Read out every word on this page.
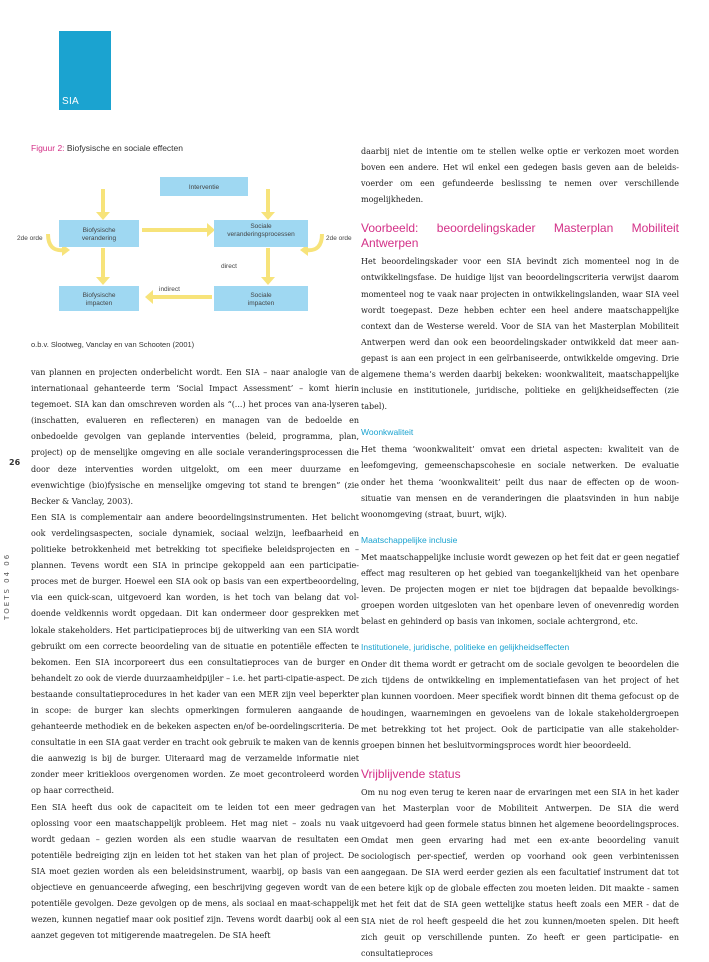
SIA
26
TOETS 04 06
Figuur 2: Biofysische en sociale effecten
Interventie
Biofysische
verandering
Sociale
veranderingsprocessen
Biofysische
impacten
Sociale
impacten
2de orde	2de orde
direct
indirect
o.b.v. Slootweg, Vanclay en van Schooten (2001)

van plannen en projecten onderbelicht wordt. Een SIA – naar analogie van de internationaal gehanteerde term ‘Social Impact Assessment’ – komt hierin tegemoet. SIA kan dan omschreven worden als “(...) het proces van ana-lyseren (inschatten, evalueren en reflecteren) en managen van de bedoelde en onbedoelde gevolgen van geplande interventies (beleid, programma, plan, project) op de menselijke omgeving en alle sociale veranderingsprocessen die door deze interventies worden uitgelokt, om een meer duurzame en evenwichtige (bio)fysische en menselijke omgeving tot stand te brengen” (zie Becker & Vanclay, 2003).

Een SIA is complementair aan andere beoordelingsinstrumenten. Het belicht ook verdelingsaspecten, sociale dynamiek, sociaal welzijn, leefbaarheid en politieke betrokkenheid met betrekking tot specifieke beleidsprojecten en –plannen. Tevens wordt een SIA in principe gekoppeld aan een participatie-proces met de burger. Hoewel een SIA ook op basis van een expertbeoordeling, via een quick-scan, uitgevoerd kan worden, is het toch van belang dat vol-doende veldkennis wordt opgedaan. Dit kan ondermeer door gesprekken met lokale stakeholders. Het participatieproces bij de uitwerking van een SIA wordt gebruikt om een correcte beoordeling van de situatie en potentiële effecten te bekomen. Een SIA incorporeert dus een consultatieproces van de burger en behandelt zo ook de vierde duurzaamheidpijler – i.e. het parti-cipatie-aspect. De bestaande consultatieprocedures in het kader van een MER zijn veel beperkter in scope: de burger kan slechts opmerkingen formuleren aangaande de gehanteerde methodiek en de bekeken aspecten en/of be-oordelingscriteria. De consultatie in een SIA gaat verder en tracht ook gebruik te maken van de kennis die aanwezig is bij de burger. Uiteraard mag de verzamelde informatie niet zonder meer kritiekloos overgenomen worden. Ze moet gecontroleerd worden op haar correctheid.

Een SIA heeft dus ook de capaciteit om te leiden tot een meer gedragen oplossing voor een maatschappelijk probleem. Het mag niet – zoals nu vaak wordt gedaan – gezien worden als een studie waarvan de resultaten een potentiële bedreiging zijn en leiden tot het staken van het plan of project. De SIA moet gezien worden als een beleidsinstrument, waarbij, op basis van een objectieve en genuanceerde afweging, een beschrijving gegeven wordt van de potentiële gevolgen. Deze gevolgen op de mens, als sociaal en maat-schappelijk wezen, kunnen negatief maar ook positief zijn. Tevens wordt daarbij ook al een aanzet gegeven tot mitigerende maatregelen. De SIA heeft

daarbij niet de intentie om te stellen welke optie er verkozen moet worden boven een andere. Het wil enkel een gedegen basis geven aan de beleids-voerder om een gefundeerde beslissing te nemen over verschillende mogelijkheden.

Voorbeeld: beoordelingskader Masterplan Mobiliteit Antwerpen

Het beoordelingskader voor een SIA bevindt zich momenteel nog in de ontwikkelingsfase. De huidige lijst van beoordelingscriteria verwijst daarom momenteel nog te vaak naar projecten in ontwikkelingslanden, waar SIA veel wordt toegepast. Deze hebben echter een heel andere maatschappelijke context dan de Westerse wereld. Voor de SIA van het Masterplan Mobiliteit Antwerpen werd dan ook een beoordelingskader ontwikkeld dat meer aan-gepast is aan een project in een geïrbaniseerde, ontwikkelde omgeving. Drie algemene thema’s werden daarbij bekeken: woonkwaliteit, maatschappelijke inclusie en institutionele, juridische, politieke en gelijkheidseffecten (zie tabel).

Woonkwaliteit

Het thema ‘woonkwaliteit’ omvat een drietal aspecten: kwaliteit van de leefomgeving, gemeenschapscohesie en sociale netwerken. De evaluatie onder het thema ‘woonkwaliteit’ peilt dus naar de effecten op de woon-situatie van mensen en de veranderingen die plaatsvinden in hun nabije woonomgeving (straat, buurt, wijk).

Maatschappelijke inclusie

Met maatschappelijke inclusie wordt gewezen op het feit dat er geen negatief effect mag resulteren op het gebied van toegankelijkheid van het openbare leven. De projecten mogen er niet toe bijdragen dat bepaalde bevolkings-groepen worden uitgesloten van het openbare leven of onevenredig worden belast en gehinderd op basis van inkomen, sociale achtergrond, etc.

Institutionele, juridische, politieke en gelijkheidseffecten

Onder dit thema wordt er getracht om de sociale gevolgen te beoordelen die zich tijdens de ontwikkeling en implementatiefasen van het project of het plan kunnen voordoen. Meer specifiek wordt binnen dit thema gefocust op de houdingen, waarnemingen en gevoelens van de lokale stakeholdergroepen met betrekking tot het project. Ook de participatie van alle stakeholder-groepen binnen het besluitvormingsproces wordt hier beoordeeld.

Vrijblijvende status

Om nu nog even terug te keren naar de ervaringen met een SIA in het kader van het Masterplan voor de Mobiliteit Antwerpen. De SIA die werd uitgevoerd had geen formele status binnen het algemene beoordelingsproces. Omdat men geen ervaring had met een ex-ante beoordeling vanuit sociologisch per-spectief, werden op voorhand ook geen verbintenissen aangegaan. De SIA werd eerder gezien als een facultatief instrument dat tot een betere kijk op de globale effecten zou moeten leiden. Dit maakte - samen met het feit dat de SIA geen wettelijke status heeft zoals een MER - dat de SIA niet de rol heeft gespeeld die het zou kunnen/moeten spelen. Dit heeft zich geuit op verschillende punten. Zo heeft er geen participatie- en consultatieproces
